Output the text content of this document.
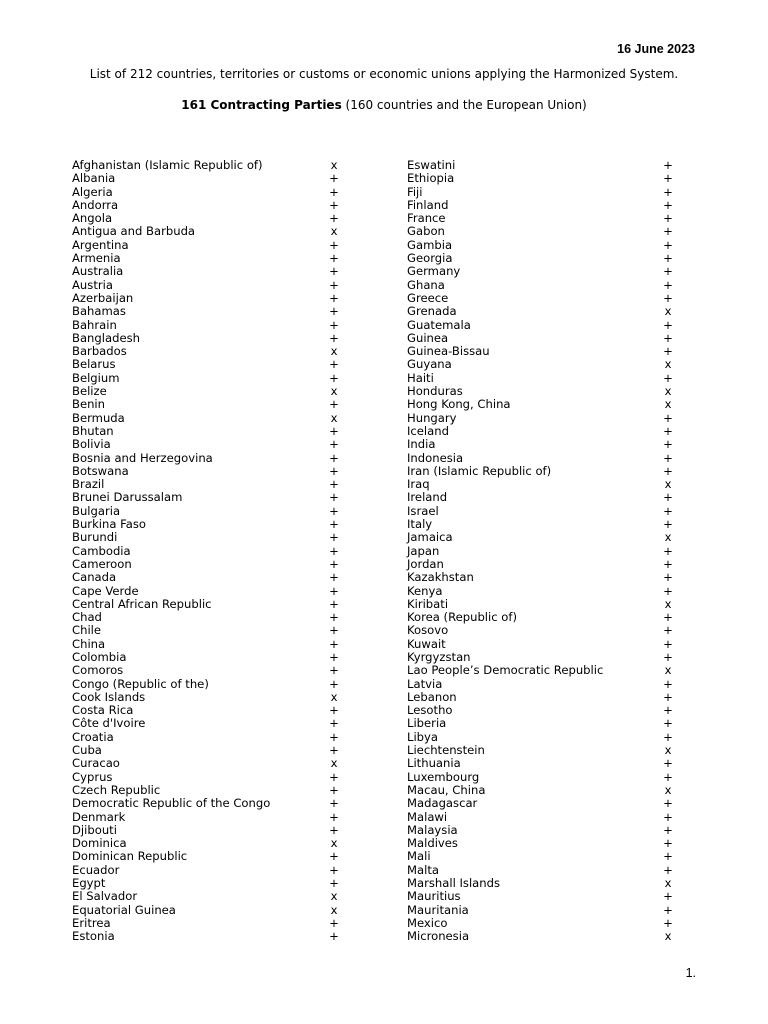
16 June 2023
List of 212 countries, territories or customs or economic unions applying the Harmonized System.
161 Contracting Parties (160 countries and the European Union)
Afghanistan (Islamic Republic of)	x
Albania	+
Algeria	+
Andorra	+
Angola	+
Antigua and Barbuda	x
Argentina	+
Armenia	+
Australia	+
Austria	+
Azerbaijan	+
Bahamas	+
Bahrain	+
Bangladesh	+
Barbados	x
Belarus	+
Belgium	+
Belize	x
Benin	+
Bermuda	x
Bhutan	+
Bolivia	+
Bosnia and Herzegovina	+
Botswana	+
Brazil	+
Brunei Darussalam	+
Bulgaria	+
Burkina Faso	+
Burundi	+
Cambodia	+
Cameroon	+
Canada	+
Cape Verde	+
Central African Republic	+
Chad	+
Chile	+
China	+
Colombia	+
Comoros	+
Congo (Republic of the)	+
Cook Islands	x
Costa Rica	+
Côte d'Ivoire	+
Croatia	+
Cuba	+
Curacao	x
Cyprus	+
Czech Republic	+
Democratic Republic of the Congo	+
Denmark	+
Djibouti	+
Dominica	x
Dominican Republic	+
Ecuador	+
Egypt	+
El Salvador	x
Equatorial Guinea	x
Eritrea	+
Estonia	+
Eswatini	+
Ethiopia	+
Fiji	+
Finland	+
France	+
Gabon	+
Gambia	+
Georgia	+
Germany	+
Ghana	+
Greece	+
Grenada	x
Guatemala	+
Guinea	+
Guinea-Bissau	+
Guyana	x
Haiti	+
Honduras	x
Hong Kong, China	x
Hungary	+
Iceland	+
India	+
Indonesia	+
Iran (Islamic Republic of)	+
Iraq	x
Ireland	+
Israel	+
Italy	+
Jamaica	x
Japan	+
Jordan	+
Kazakhstan	+
Kenya	+
Kiribati	x
Korea (Republic of)	+
Kosovo	+
Kuwait	+
Kyrgyzstan	+
Lao People’s Democratic Republic	x
Latvia	+
Lebanon	+
Lesotho	+
Liberia	+
Libya	+
Liechtenstein	x
Lithuania	+
Luxembourg	+
Macau, China	x
Madagascar	+
Malawi	+
Malaysia	+
Maldives	+
Mali	+
Malta	+
Marshall Islands	x
Mauritius	+
Mauritania	+
Mexico	+
Micronesia	x
1.
